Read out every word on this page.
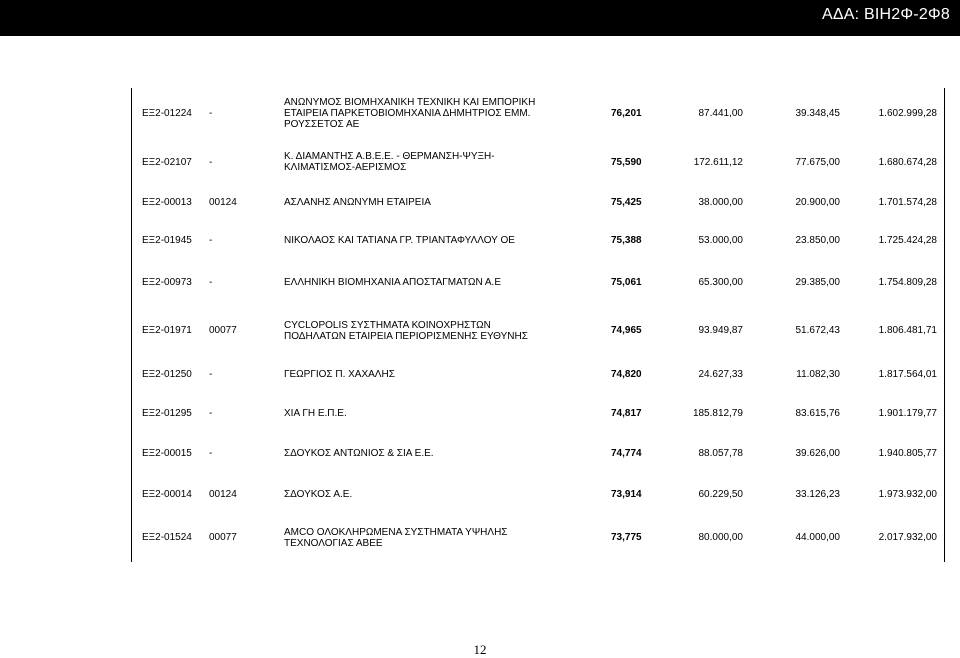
ΑΔΑ: ΒΙΗ2Φ-2Φ8
ΕΞ2-01224 -
ΑΝΩΝΥΜΟΣ ΒΙΟΜΗΧΑΝΙΚΗ ΤΕΧΝΙΚΗ ΚΑΙ ΕΜΠΟΡΙΚΗ
ΕΤΑΙΡΕΙΑ ΠΑΡΚΕΤΟΒΙΟΜΗΧΑΝΙΑ ΔΗΜΗΤΡΙΟΣ ΕΜΜ.
ΡΟΥΣΣΕΤΟΣ ΑΕ
76,201	87.441,00	39.348,45	1.602.999,28
ΕΞ2-02107 -	Κ. ΔΙΑΜΑΝΤΗΣ Α.Β.Ε.Ε. - ΘΕΡΜΑΝΣΗ-ΨΥΞΗ-
ΚΛΙΜΑΤΙΣΜΟΣ-ΑΕΡΙΣΜΟΣ	75,590	172.611,12	77.675,00	1.680.674,28
ΕΞ2-00013 00124	ΑΣΛΑΝΗΣ ΑΝΩΝΥΜΗ ΕΤΑΙΡΕΙΑ	75,425	38.000,00	20.900,00	1.701.574,28
ΕΞ2-01945 -	ΝΙΚΟΛΑΟΣ ΚΑΙ ΤΑΤΙΑΝΑ ΓΡ. ΤΡΙΑΝΤΑΦΥΛΛΟΥ ΟΕ	75,388	53.000,00	23.850,00	1.725.424,28
ΕΞ2-00973 -	ΕΛΛΗΝΙΚΗ ΒΙΟΜΗΧΑΝΙΑ ΑΠΟΣΤΑΓΜΑΤΩΝ Α.Ε	75,061	65.300,00	29.385,00	1.754.809,28
ΕΞ2-01971 00077	CYCLOPOLIS ΣΥΣΤΗΜΑΤΑ ΚΟΙΝΟΧΡΗΣΤΩΝ
ΠΟΔΗΛΑΤΩΝ ΕΤΑΙΡΕΙΑ ΠΕΡΙΟΡΙΣΜΕΝΗΣ ΕΥΘΥΝΗΣ	74,965	93.949,87	51.672,43	1.806.481,71
ΕΞ2-01250 -	ΓΕΩΡΓΙΟΣ Π. ΧΑΧΑΛΗΣ	74,820	24.627,33	11.082,30	1.817.564,01
ΕΞ2-01295 -	ΧΙΑ ΓΗ Ε.Π.Ε.	74,817	185.812,79	83.615,76	1.901.179,77
ΕΞ2-00015 -	ΣΔΟΥΚΟΣ ΑΝΤΩΝΙΟΣ & ΣΙΑ Ε.Ε.	74,774	88.057,78	39.626,00	1.940.805,77
ΕΞ2-00014 00124	ΣΔΟΥΚΟΣ Α.Ε.	73,914	60.229,50	33.126,23	1.973.932,00
ΕΞ2-01524 00077	AMCO ΟΛΟΚΛΗΡΩΜΕΝΑ ΣΥΣΤΗΜΑΤΑ ΥΨΗΛΗΣ
ΤΕΧΝΟΛΟΓΙΑΣ ΑΒΕΕ	73,775	80.000,00	44.000,00	2.017.932,00
12
